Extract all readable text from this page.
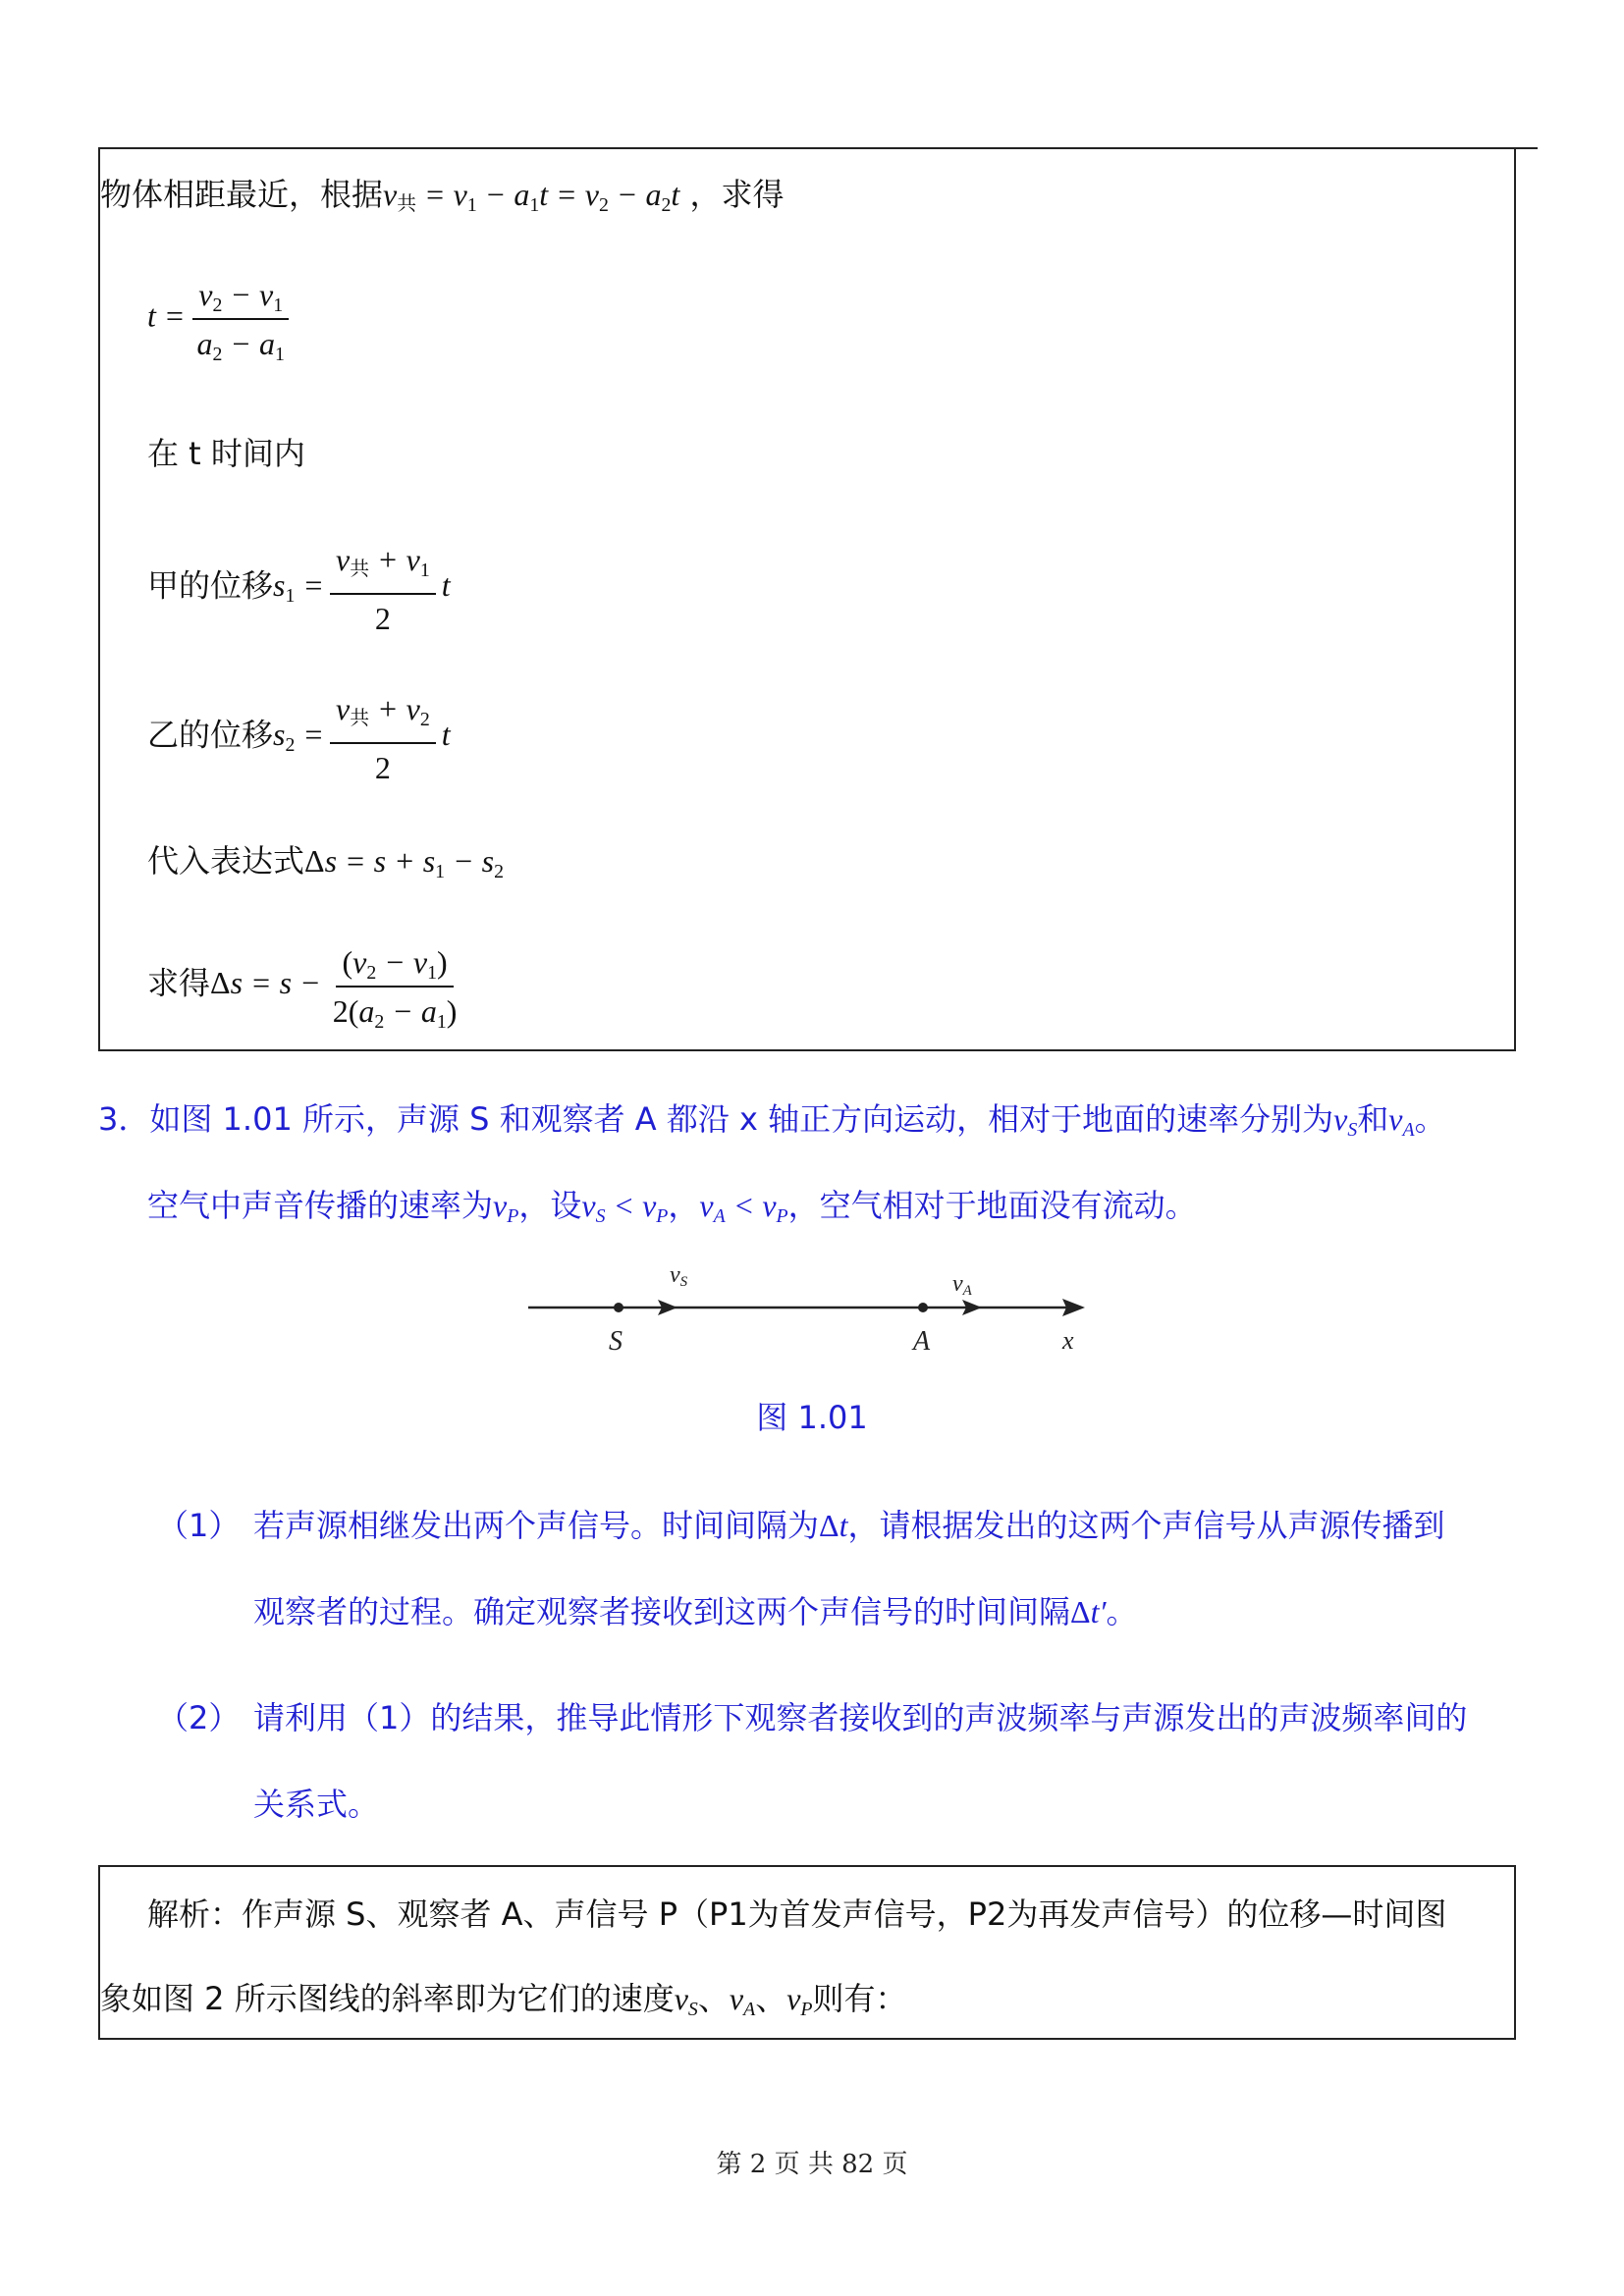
物体相距最近，根据v共 = $v_1 - a_1t = v_2 - a_2t$ ，求得
$t = \frac{v_2 - v_1}{a_2 - a_1}$
在 t 时间内
甲的位移$s_1 = \frac{v共 + v_1}{2}$ t
乙的位移$s_2 = \frac{v共 + v_2}{2}$ t
代入表达式$\Delta s = s + s_1 - s_2$
求得$\Delta s = s - \frac{(v_2 - v_1)}{2(a_2 - a_1)}$
3．如图 1.01 所示，声源 S 和观察者 A 都沿 x 轴正方向运动，相对于地面的速率分别为$v_S$和$v_A$。
空气中声音传播的速率为$v_P$，设$v_S < v_P$，$v_A < v_P$，空气相对于地面没有流动。
vS	vA
S	A	x
图 1.01
（1） 若声源相继发出两个声信号。时间间隔为Δt，请根据发出的这两个声信号从声源传播到
观察者的过程。确定观察者接收到这两个声信号的时间间隔Δt′。
（2） 请利用（1）的结果，推导此情形下观察者接收到的声波频率与声源发出的声波频率间的
关系式。
解析：作声源 S、观察者 A、声信号 P（P1为首发声信号，P2为再发声信号）的位移—时间图
象如图 2 所示图线的斜率即为它们的速度$v_S$、$v_A$、$v_P$则有：
第 2 页 共 82 页
